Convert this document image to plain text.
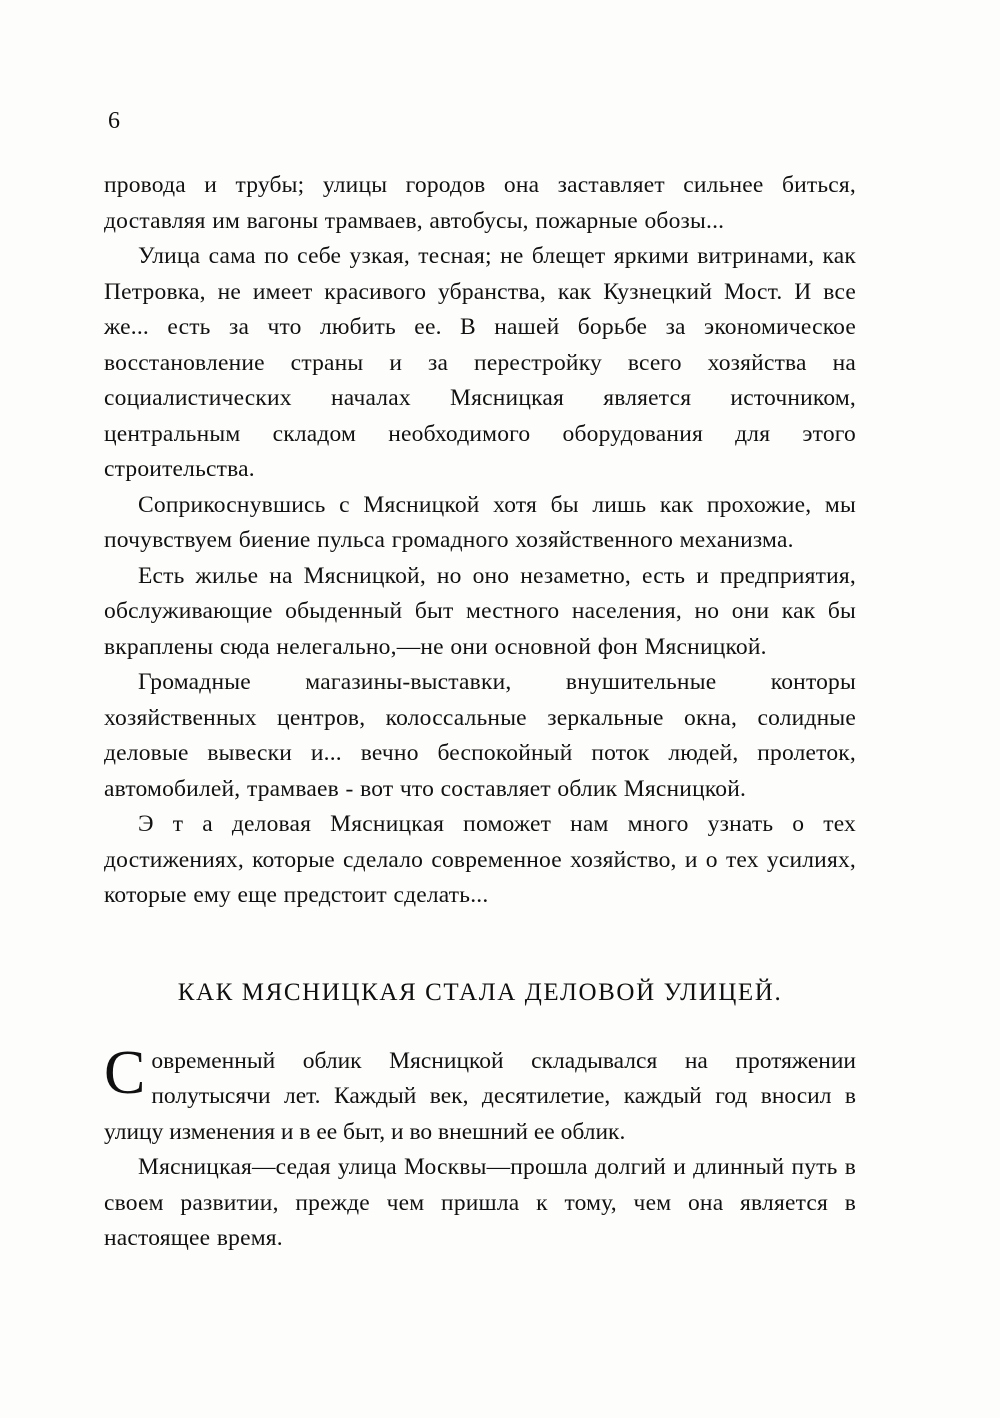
6

провода и трубы; улицы городов она заставляет сильнее биться, доставляя им вагоны трамваев, автобусы, пожарные обозы...

Улица сама по себе узкая, тесная; не блещет яркими витринами, как Петровка, не имеет красивого убранства, как Кузнецкий Мост. И все же... есть за что любить ее. В нашей борьбе за экономическое восстановление страны и за перестройку всего хозяйства на социалистических началах Мясницкая является источником, центральным складом необходимого оборудования для этого строительства.

Соприкоснувшись с Мясницкой хотя бы лишь как прохожие, мы почувствуем биение пульса громадного хозяйственного механизма.

Есть жилье на Мясницкой, но оно незаметно, есть и предприятия, обслуживающие обыденный быт местного населения, но они как бы вкраплены сюда нелегально,—не они основной фон Мясницкой.

Громадные магазины-выставки, внушительные конторы хозяйственных центров, колоссальные зеркальные окна, солидные деловые вывески и... вечно беспокойный поток людей, пролеток, автомобилей, трамваев - вот что составляет облик Мясницкой.

Э т а деловая Мясницкая поможет нам много узнать о тех достижениях, которые сделало современное хозяйство, и о тех усилиях, которые ему еще предстоит сделать...

КАК МЯСНИЦКАЯ СТАЛА ДЕЛОВОЙ УЛИЦЕЙ.

Современный облик Мясницкой складывался на протяжении полутысячи лет. Каждый век, десятилетие, каждый год вносил в улицу изменения и в ее быт, и во внешний ее облик.

Мясницкая—седая улица Москвы—прошла долгий и длинный путь в своем развитии, прежде чем пришла к тому, чем она является в настоящее время.
